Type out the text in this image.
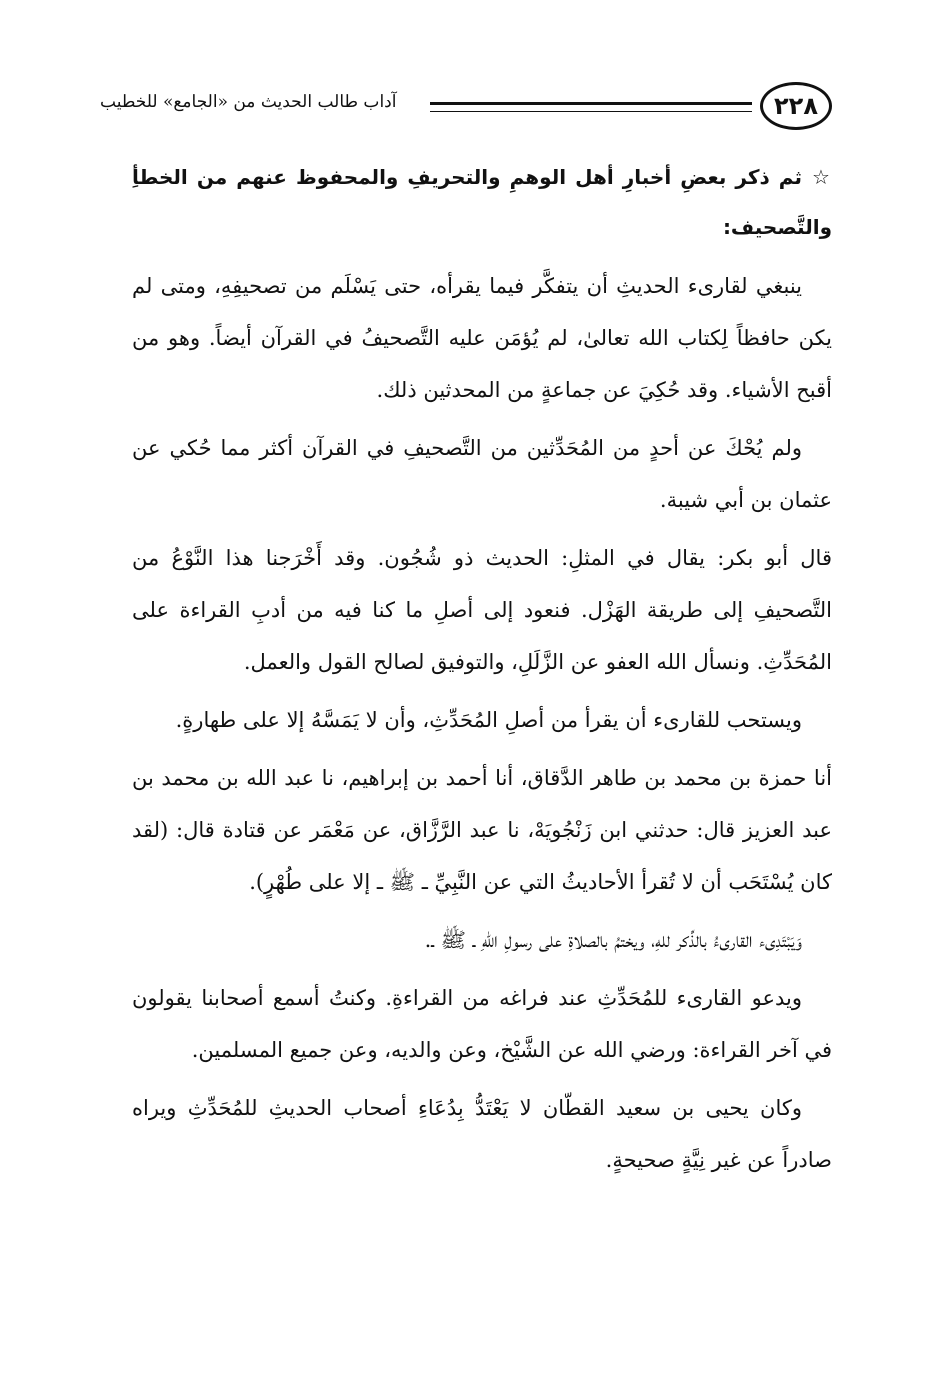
٢٢٨
آداب طالب الحديث من «الجامع» للخطيب

☆ثم ذكر بعضِ أخبارِ أهل الوهمِ والتحريفِ والمحفوظ عنهم من الخطأِ والتَّصحيف:

ينبغي لقارىء الحديثِ أن يتفكَّر فيما يقرأه، حتى يَسْلَم من تصحيفِهِ، ومتى لم يكن حافظاً لِكتاب الله تعالىٰ، لم يُؤمَن عليه التَّصحيفُ في القرآن أيضاً. وهو من أقبح الأشياء. وقد حُكِيَ عن جماعةٍ من المحدثين ذلك.

ولم يُحْكَ عن أحدٍ من المُحَدِّثين من التَّصحيفِ في القرآن أكثر مما حُكي عن عثمان بن أبي شيبة.

قال أبو بكر: يقال في المثلِ: الحديث ذو شُجُون. وقد أَخْرَجنا هذا النَّوْعُ من التَّصحيفِ إلى طريقة الهَزْل. فنعود إلى أصلِ ما كنا فيه من أدبِ القراءة على المُحَدِّثِ. ونسأل الله العفو عن الزَّلَلِ، والتوفيق لصالح القول والعمل.

ويستحب للقارىء أن يقرأ من أصلِ المُحَدِّثِ، وأن لا يَمَسَّهُ إلا على طهارةٍ.

أنا حمزة بن محمد بن طاهر الدَّقاق، أنا أحمد بن إبراهيم، نا عبد الله بن محمد بن عبد العزيز قال: حدثني ابن زَنْجُويَهْ، نا عبد الرَّزَّاق، عن مَعْمَر عن قتادة قال: (لقد كان يُسْتَحَب أن لا تُقرأ الأحاديثُ التي عن النَّبِيِّ ـ ﷺ ـ إلا على طُهْرٍ).

وَيَبْتَدِىء القارىءُ بالذِّكر للهِ، ويختمُ بالصلاةِ على رسولِ اللهِ ـ ﷺ ـ.

ويدعو القارىء للمُحَدِّثِ عند فراغه من القراءةِ. وكنتُ أسمع أصحابنا يقولون في آخر القراءة: ورضي الله عن الشَّيْخ، وعن والديه، وعن جميع المسلمين.

وكان يحيى بن سعيد القطّان لا يَعْتَدُّ بِدُعَاءِ أصحاب الحديثِ للمُحَدِّثِ ويراه صادراً عن غير نِيَّةٍ صحيحةٍ.
